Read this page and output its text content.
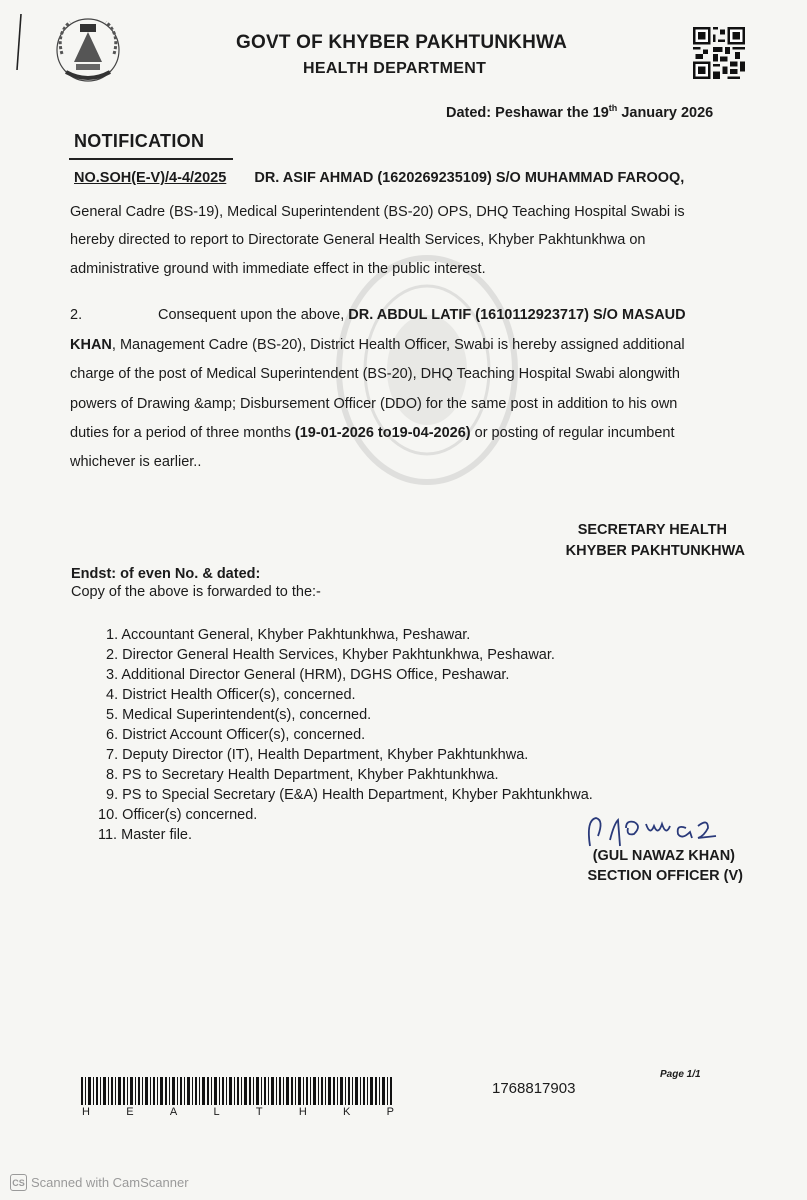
GOVT OF KHYBER PAKHTUNKHWA
HEALTH DEPARTMENT
Dated: Peshawar the 19th January 2026
NOTIFICATION
NO.SOH(E-V)/4-4/2025 DR. ASIF AHMAD (1620269235109) S/O MUHAMMAD FAROOQ,
General Cadre (BS-19), Medical Superintendent (BS-20) OPS, DHQ Teaching Hospital Swabi is
hereby directed to report to Directorate General Health Services, Khyber Pakhtunkhwa on
administrative ground with immediate effect in the public interest.
2.	Consequent upon the above, DR. ABDUL LATIF (1610112923717) S/O MASAUD
KHAN, Management Cadre (BS-20), District Health Officer, Swabi is hereby assigned additional
charge of the post of Medical Superintendent (BS-20), DHQ Teaching Hospital Swabi alongwith
powers of Drawing &amp; Disbursement Officer (DDO) for the same post in addition to his own
duties for a period of three months (19-01-2026 to19-04-2026) or posting of regular incumbent
whichever is earlier..
SECRETARY HEALTH
KHYBER PAKHTUNKHWA
Endst: of even No. & dated:
Copy of the above is forwarded to the:-
1. Accountant General, Khyber Pakhtunkhwa, Peshawar.
2. Director General Health Services, Khyber Pakhtunkhwa, Peshawar.
3. Additional Director General (HRM), DGHS Office, Peshawar.
4. District Health Officer(s), concerned.
5. Medical Superintendent(s), concerned.
6. District Account Officer(s), concerned.
7. Deputy Director (IT), Health Department, Khyber Pakhtunkhwa.
8. PS to Secretary Health Department, Khyber Pakhtunkhwa.
9. PS to Special Secretary (E&A) Health Department, Khyber Pakhtunkhwa.
10. Officer(s) concerned.
11. Master file.
(GUL NAWAZ KHAN)
SECTION OFFICER (V)
H	E	A	L	T	H	K	P
1768817903
Page 1/1
CS Scanned with CamScanner
